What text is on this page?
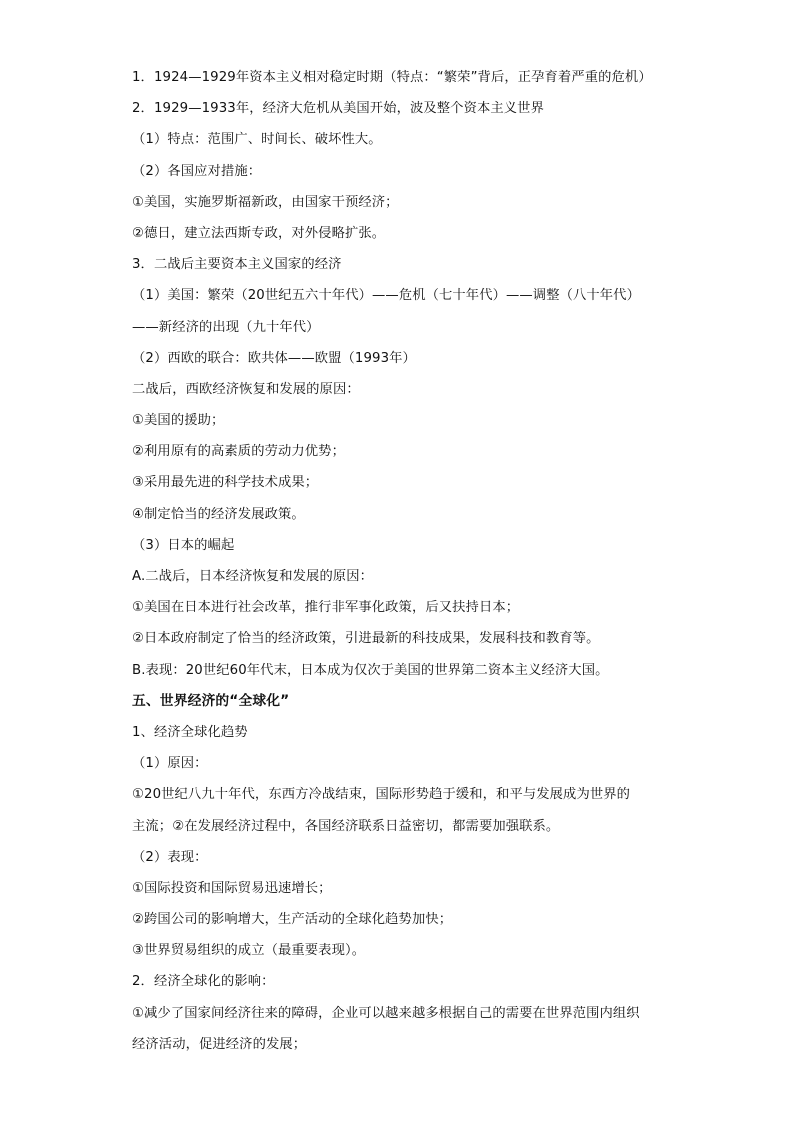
1．1924—1929年资本主义相对稳定时期（特点：“繁荣”背后，正孕育着严重的危机）
2．1929—1933年，经济大危机从美国开始，波及整个资本主义世界
（1）特点：范围广、时间长、破坏性大。
（2）各国应对措施：
①美国，实施罗斯福新政，由国家干预经济；
②德日，建立法西斯专政，对外侵略扩张。
3．二战后主要资本主义国家的经济
（1）美国：繁荣（20世纪五六十年代）——危机（七十年代）——调整（八十年代）
——新经济的出现（九十年代）
（2）西欧的联合：欧共体——欧盟（1993年）
二战后，西欧经济恢复和发展的原因：
①美国的援助；
②利用原有的高素质的劳动力优势；
③采用最先进的科学技术成果；
④制定恰当的经济发展政策。
（3）日本的崛起
A.二战后，日本经济恢复和发展的原因：
①美国在日本进行社会改革，推行非军事化政策，后又扶持日本；
②日本政府制定了恰当的经济政策，引进最新的科技成果，发展科技和教育等。
B.表现：20世纪60年代末，日本成为仅次于美国的世界第二资本主义经济大国。
五、世界经济的“全球化”
1、经济全球化趋势
（1）原因：
①20世纪八九十年代，东西方冷战结束，国际形势趋于缓和，和平与发展成为世界的
主流；②在发展经济过程中，各国经济联系日益密切，都需要加强联系。
（2）表现：
①国际投资和国际贸易迅速增长；
②跨国公司的影响增大，生产活动的全球化趋势加快；
③世界贸易组织的成立（最重要表现）。
2．经济全球化的影响：
①减少了国家间经济往来的障碍，企业可以越来越多根据自己的需要在世界范围内组织
经济活动，促进经济的发展；
